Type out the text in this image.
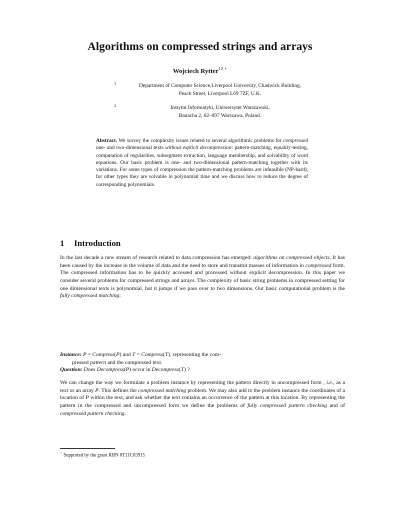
Algorithms on compressed strings and arrays
Wojciech Rytter$^{12 ⋆}$
1	Department of Computer Science,Liverpool University, Chadwick Building,
Peach Street, Liverpool L69 7ZF, U.K.
2	Instytut Informatyki, Uniwersytet Warszawski,
Banacha 2, 02–097 Warszawa, Poland.
Abstract. We survey the complexity issues related to several algorithmic problems for compressed one- and two-dimensional texts without explicit decompression: pattern-matching, equality-testing, computation of regularities, subsegment extraction, language membership, and solvability of word equations. Our basic problem is one- and two-dimensional pattern-matching together with its variations. For some types of compression the pattern-matching problems are infeasible (NP-hard), for other types they are solvable in polynomial time and we discuss how to reduce the degree of corresponding polynomials.
1 Introduction
In the last decade a new stream of research related to data compression has emerged: algorithms on compressed objects. It has been caused by the increase in the volume of data and the need to store and transmit masses of information in compressed form. The compressed information has to be quickly accessed and processed without explicit decompression. In this paper we consider several problems for compressed strings and arrays. The complexity of basic string problems in compressed setting for one dimensional texts is polynomial, but it jumps if we pass over to two dimensions. Our basic computational problem is the fully compressed matching:
Instance: P = Compress(P) and T = Compress(T), representing the com-
pressed pattern and the compressed text.
Question: Does Decompress(P) occur in Decompress(T) ?
We can change the way we formulate a problem instance by representing the pattern directly in uncompressed form , i.e., as a text or an array P. This defines the compressed matching problem. We may also add to the problem instance the coordinates of a location of P within the text, and ask whether the text contains an occurrence of the pattern at this location. By representing the pattern in the compressed and uncompressed form we define the problems of fully compressed pattern checking and of compressed pattern checking.
⋆ Supported by the grant KBN 8T11C03915
